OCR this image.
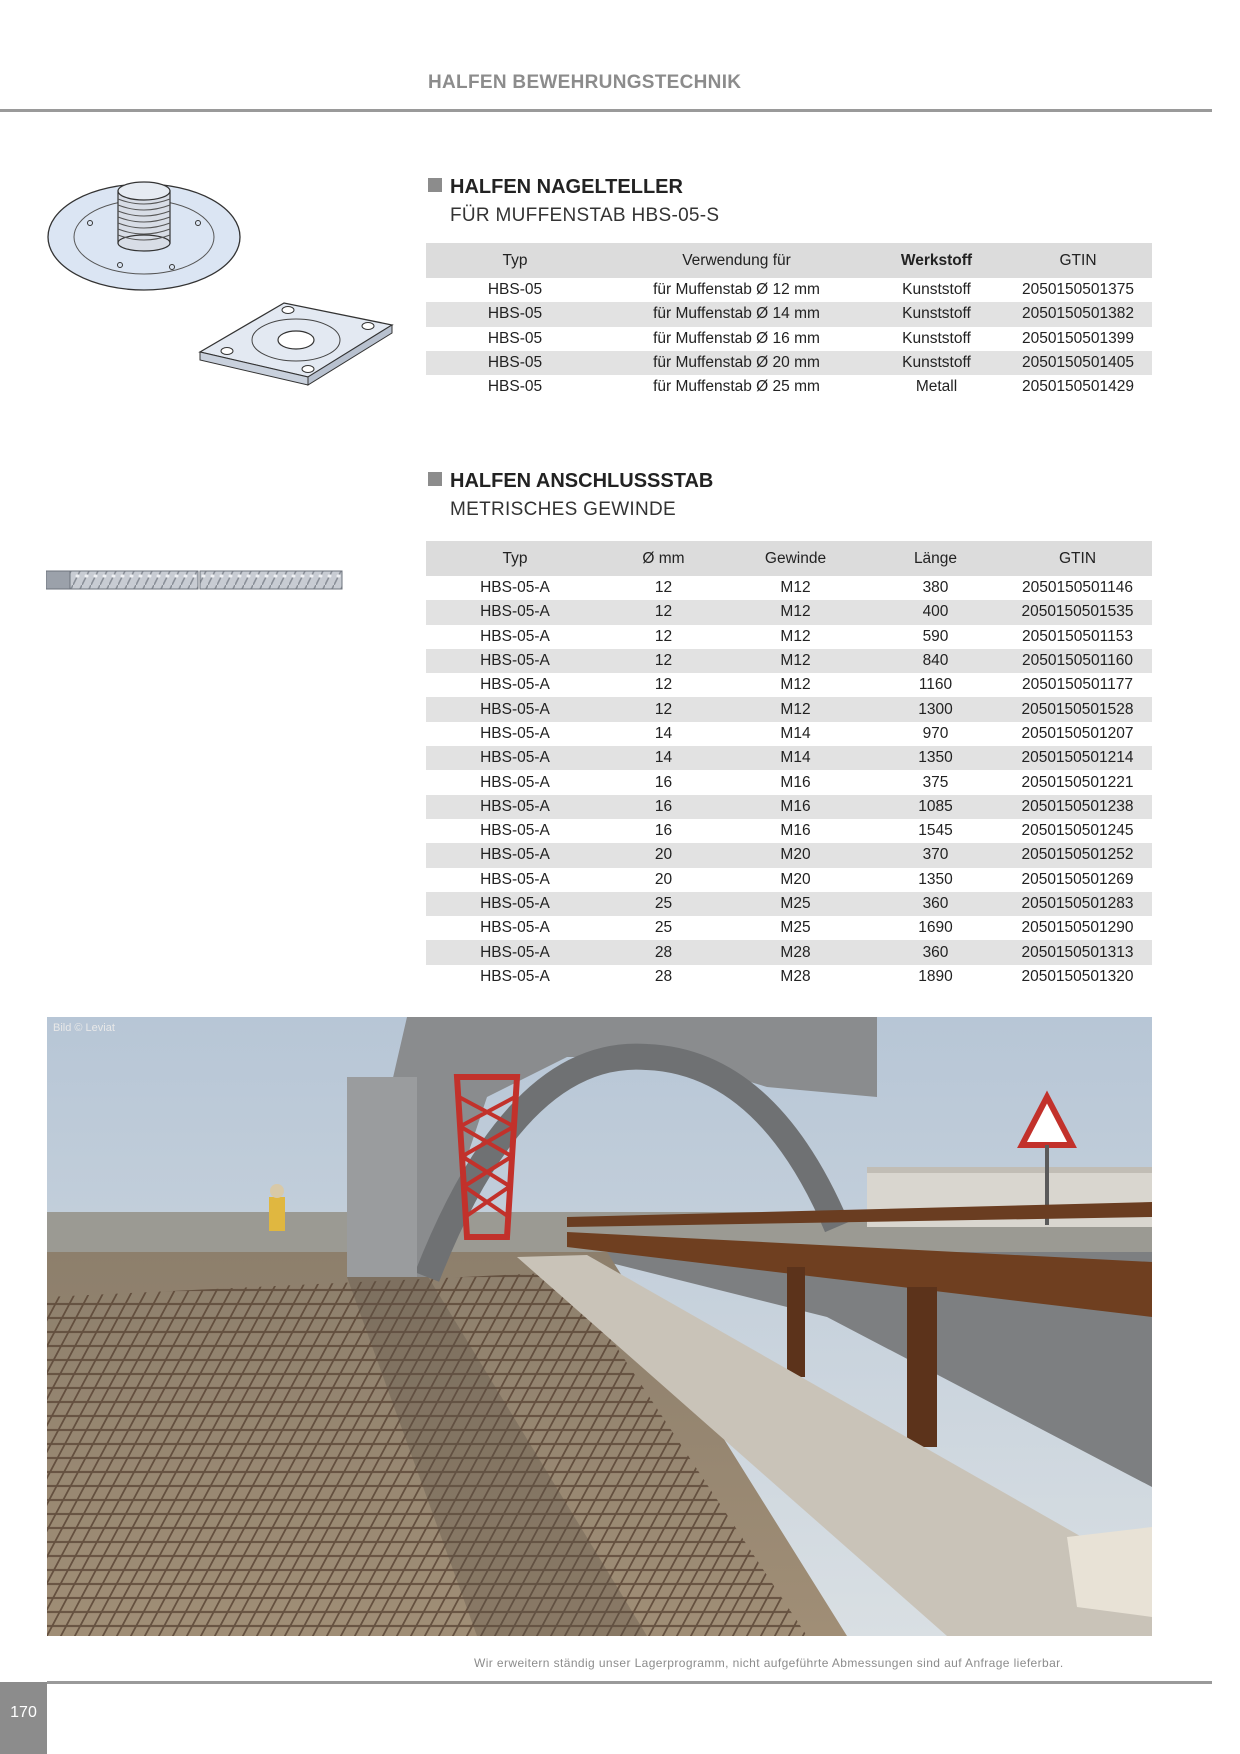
HALFEN BEWEHRUNGSTECHNIK
HALFEN NAGELTELLER
FÜR MUFFENSTAB HBS-05-S
Typ	Verwendung für	Werkstoff	GTIN
HBS-05	für Muffenstab Ø 12 mm	Kunststoff	2050150501375
HBS-05	für Muffenstab Ø 14 mm	Kunststoff	2050150501382
HBS-05	für Muffenstab Ø 16 mm	Kunststoff	2050150501399
HBS-05	für Muffenstab Ø 20 mm	Kunststoff	2050150501405
HBS-05	für Muffenstab Ø 25 mm	Metall	2050150501429
HALFEN ANSCHLUSSSTAB
METRISCHES GEWINDE
Typ	Ø mm	Gewinde	Länge	GTIN
HBS-05-A	12	M12	380	2050150501146
HBS-05-A	12	M12	400	2050150501535
HBS-05-A	12	M12	590	2050150501153
HBS-05-A	12	M12	840	2050150501160
HBS-05-A	12	M12	1160	2050150501177
HBS-05-A	12	M12	1300	2050150501528
HBS-05-A	14	M14	970	2050150501207
HBS-05-A	14	M14	1350	2050150501214
HBS-05-A	16	M16	375	2050150501221
HBS-05-A	16	M16	1085	2050150501238
HBS-05-A	16	M16	1545	2050150501245
HBS-05-A	20	M20	370	2050150501252
HBS-05-A	20	M20	1350	2050150501269
HBS-05-A	25	M25	360	2050150501283
HBS-05-A	25	M25	1690	2050150501290
HBS-05-A	28	M28	360	2050150501313
HBS-05-A	28	M28	1890	2050150501320
Bild © Leviat
Wir erweitern ständig unser Lagerprogramm, nicht aufgeführte Abmessungen sind auf Anfrage lieferbar.
170
